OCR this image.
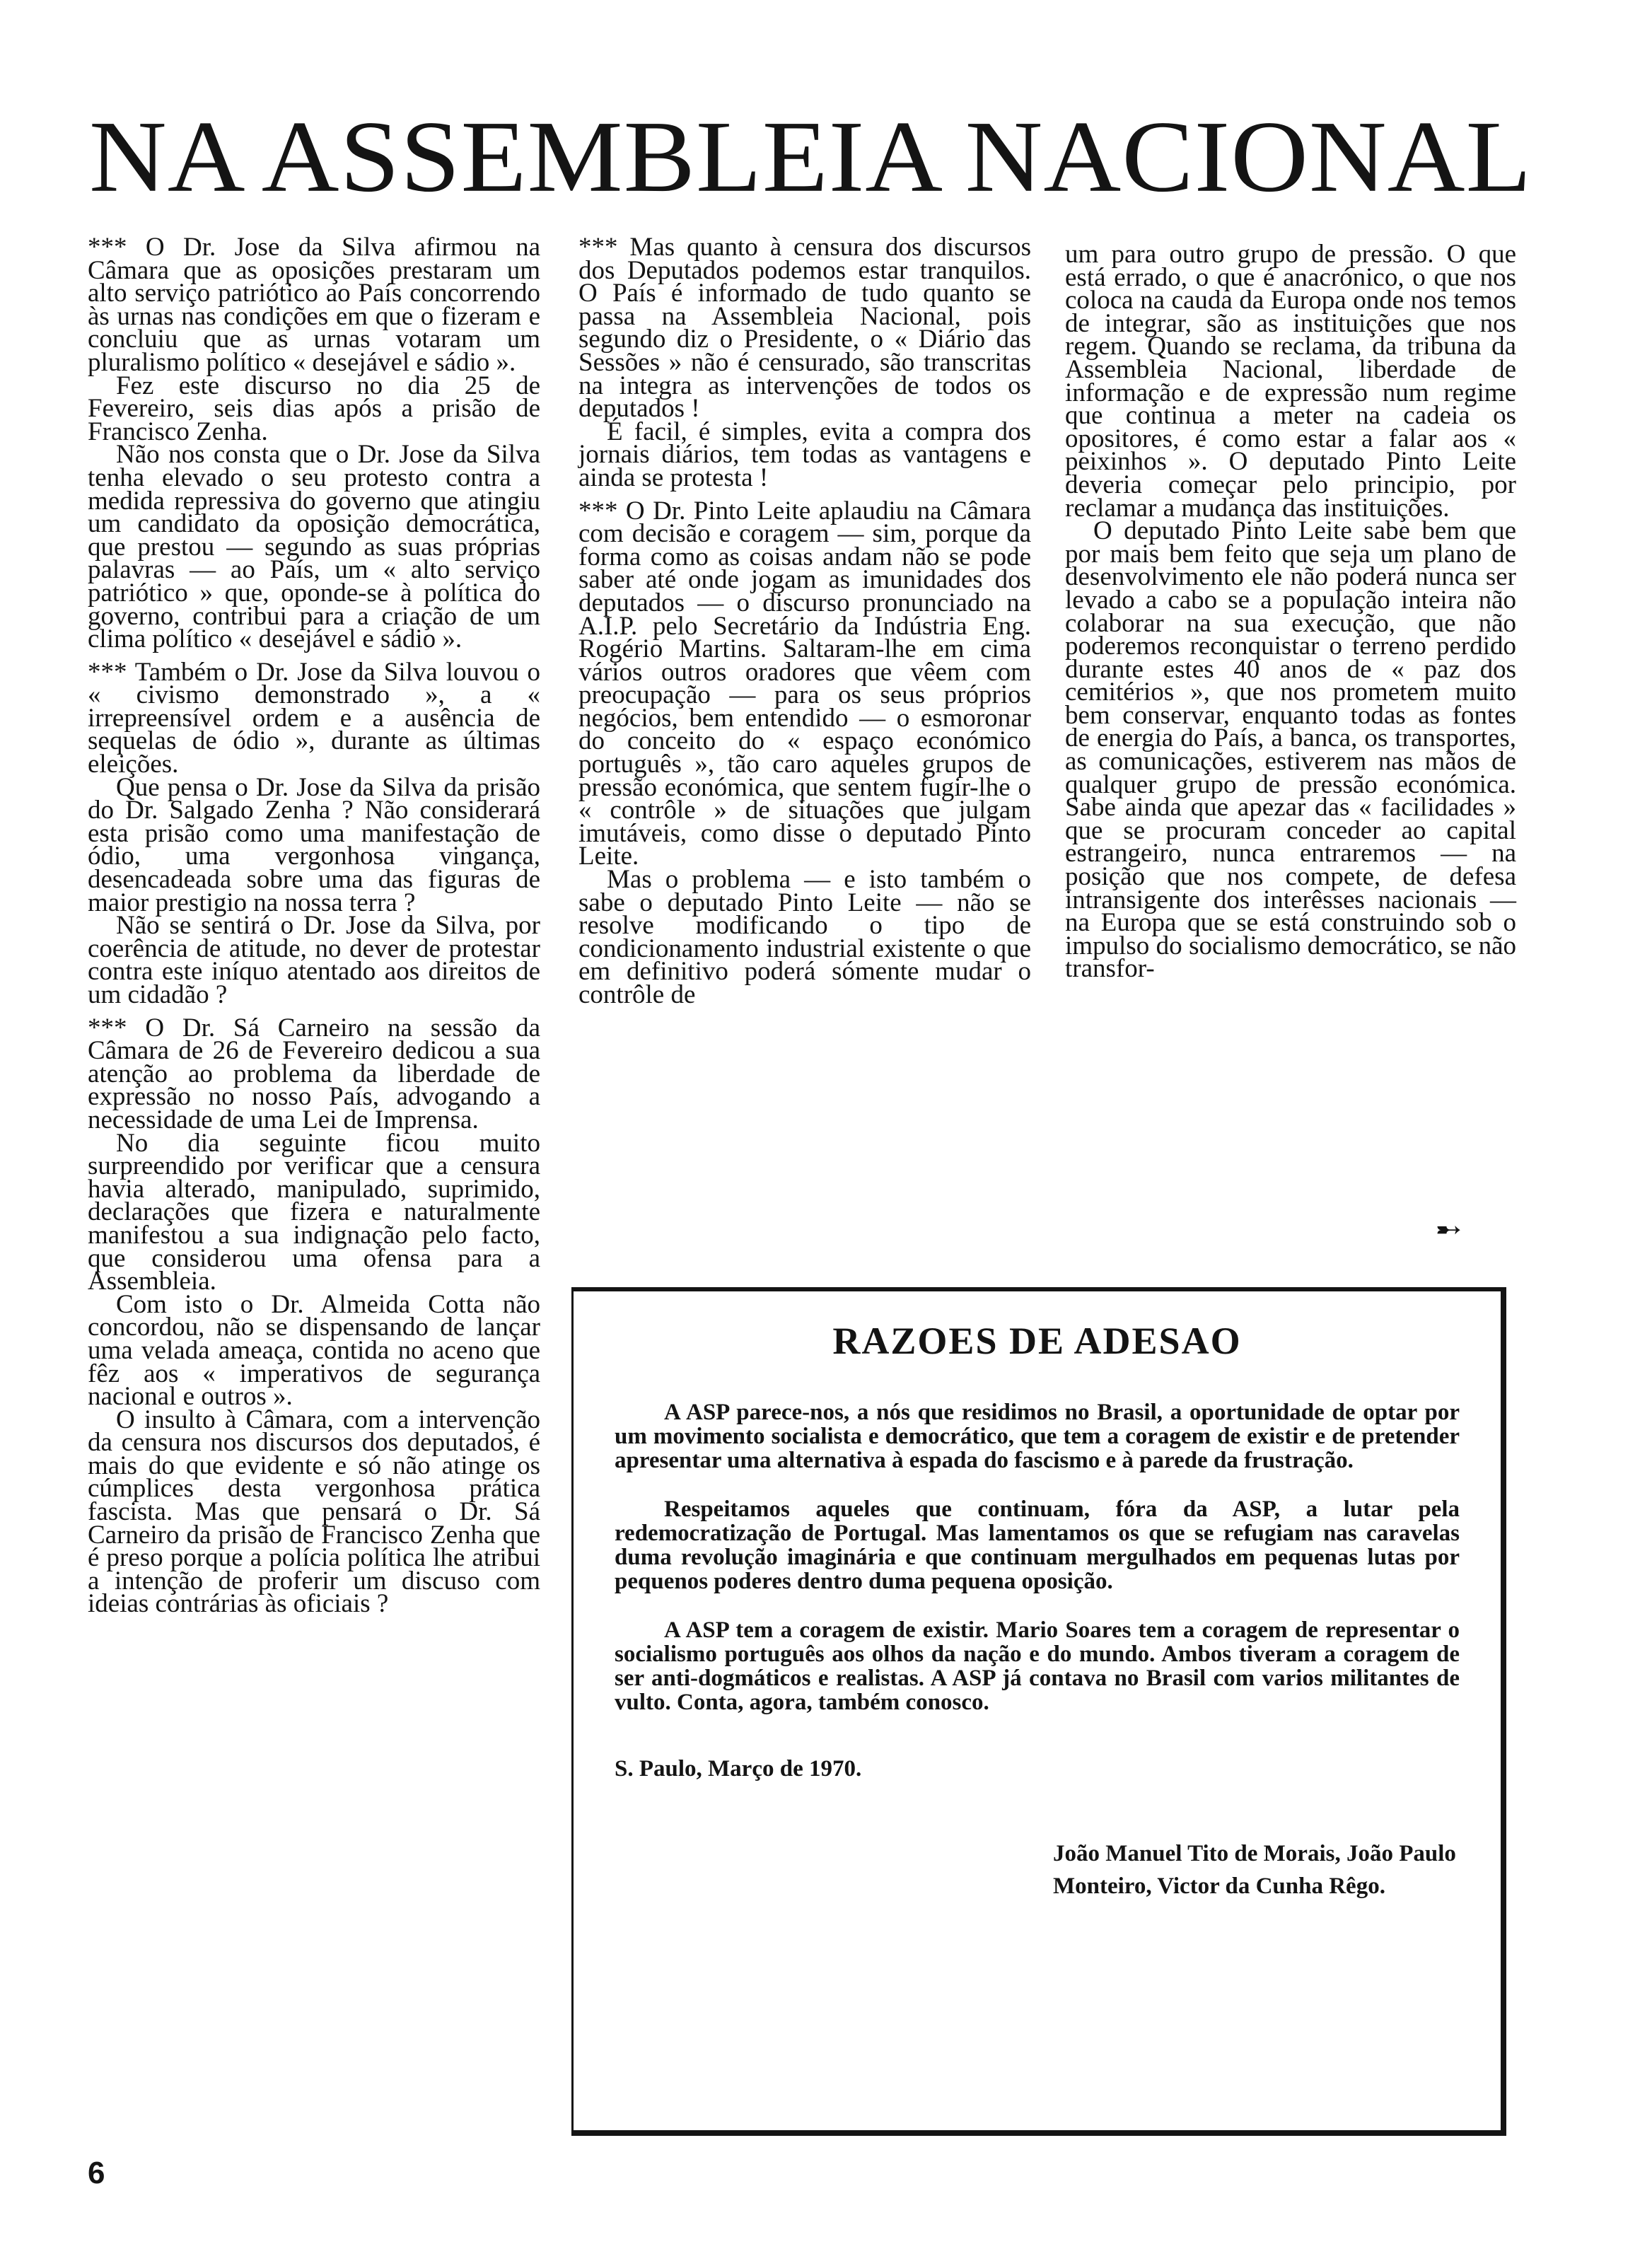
NA ASSEMBLEIA NACIONAL

*** O Dr. Jose da Silva afirmou na Câmara que as oposições prestaram um alto serviço patriótico ao País concorrendo às urnas nas condições em que o fizeram e concluiu que as urnas votaram um pluralismo político « desejável e sádio ».

Fez este discurso no dia 25 de Fevereiro, seis dias após a prisão de Francisco Zenha.

Não nos consta que o Dr. Jose da Silva tenha elevado o seu protesto contra a medida repressiva do governo que atingiu um candidato da oposição democrática, que prestou — segundo as suas próprias palavras — ao País, um « alto serviço patriótico » que, oponde-se à política do governo, contribui para a criação de um clima político « desejável e sádio ».

*** Também o Dr. Jose da Silva louvou o « civismo demonstrado », a « irrepreensível ordem e a ausência de sequelas de ódio », durante as últimas eleições.

Que pensa o Dr. Jose da Silva da prisão do Dr. Salgado Zenha ? Não considerará esta prisão como uma manifestação de ódio, uma vergonhosa vingança, desencadeada sobre uma das figuras de maior prestigio na nossa terra ?

Não se sentirá o Dr. Jose da Silva, por coerência de atitude, no dever de protestar contra este iníquo atentado aos direitos de um cidadão ?

*** O Dr. Sá Carneiro na sessão da Câmara de 26 de Fevereiro dedicou a sua atenção ao problema da liberdade de expressão no nosso País, advogando a necessidade de uma Lei de Imprensa.

No dia seguinte ficou muito surpreendido por verificar que a censura havia alterado, manipulado, suprimido, declarações que fizera e naturalmente manifestou a sua indignação pelo facto, que considerou uma ofensa para a Assembleia.

Com isto o Dr. Almeida Cotta não concordou, não se dispensando de lançar uma velada ameaça, contida no aceno que fêz aos « imperativos de segurança nacional e outros ».

O insulto à Câmara, com a intervenção da censura nos discursos dos deputados, é mais do que evidente e só não atinge os cúmplices desta vergonhosa prática fascista. Mas que pensará o Dr. Sá Carneiro da prisão de Francisco Zenha que é preso porque a polícia política lhe atribui a intenção de proferir um discuso com ideias contrárias às oficiais ?

*** Mas quanto à censura dos discursos dos Deputados podemos estar tranquilos. O País é informado de tudo quanto se passa na Assembleia Nacional, pois segundo diz o Presidente, o « Diário das Sessões » não é censurado, são transcritas na integra as intervenções de todos os deputados !

É facil, é simples, evita a compra dos jornais diários, tem todas as vantagens e ainda se protesta !

*** O Dr. Pinto Leite aplaudiu na Câmara com decisão e coragem — sim, porque da forma como as coisas andam não se pode saber até onde jogam as imunidades dos deputados — o discurso pronunciado na A.I.P. pelo Secretário da Indústria Eng. Rogério Martins. Saltaram-lhe em cima vários outros oradores que vêem com preocupação — para os seus próprios negócios, bem entendido — o esmoronar do conceito do « espaço económico português », tão caro aqueles grupos de pressão económica, que sentem fugir-lhe o « contrôle » de situações que julgam imutáveis, como disse o deputado Pinto Leite.

Mas o problema — e isto também o sabe o deputado Pinto Leite — não se resolve modificando o tipo de condicionamento industrial existente o que em definitivo poderá sómente mudar o contrôle de

um para outro grupo de pressão. O que está errado, o que é anacrónico, o que nos coloca na cauda da Europa onde nos temos de integrar, são as instituições que nos regem. Quando se reclama, da tribuna da Assembleia Nacional, liberdade de informação e de expressão num regime que continua a meter na cadeia os opositores, é como estar a falar aos « peixinhos ». O deputado Pinto Leite deveria começar pelo principio, por reclamar a mudança das instituições.

O deputado Pinto Leite sabe bem que por mais bem feito que seja um plano de desenvolvimento ele não poderá nunca ser levado a cabo se a população inteira não colaborar na sua execução, que não poderemos reconquistar o terreno perdido durante estes 40 anos de « paz dos cemitérios », que nos prometem muito bem conservar, enquanto todas as fontes de energia do País, a banca, os transportes, as comunicações, estiverem nas mãos de qualquer grupo de pressão económica. Sabe ainda que apezar das « facilidades » que se procuram conceder ao capital estrangeiro, nunca entraremos — na posição que nos compete, de defesa intransigente dos interêsses nacionais — na Europa que se está construindo sob o impulso do socialismo democrático, se não transfor-

➸
RAZOES DE ADESAO

A ASP parece-nos, a nós que residimos no Brasil, a oportunidade de optar por um movimento socialista e democrático, que tem a coragem de existir e de pretender apresentar uma alternativa à espada do fascismo e à parede da frustração.

Respeitamos aqueles que continuam, fóra da ASP, a lutar pela redemocratização de Portugal. Mas lamentamos os que se refugiam nas caravelas duma revolução imaginária e que continuam mergulhados em pequenas lutas por pequenos poderes dentro duma pequena oposição.

A ASP tem a coragem de existir. Mario Soares tem a coragem de representar o socialismo português aos olhos da nação e do mundo. Ambos tiveram a coragem de ser anti-dogmáticos e realistas. A ASP já contava no Brasil com varios militantes de vulto. Conta, agora, também conosco.

S. Paulo, Março de 1970.

João Manuel Tito de Morais, João Paulo Monteiro, Victor da Cunha Rêgo.
6
